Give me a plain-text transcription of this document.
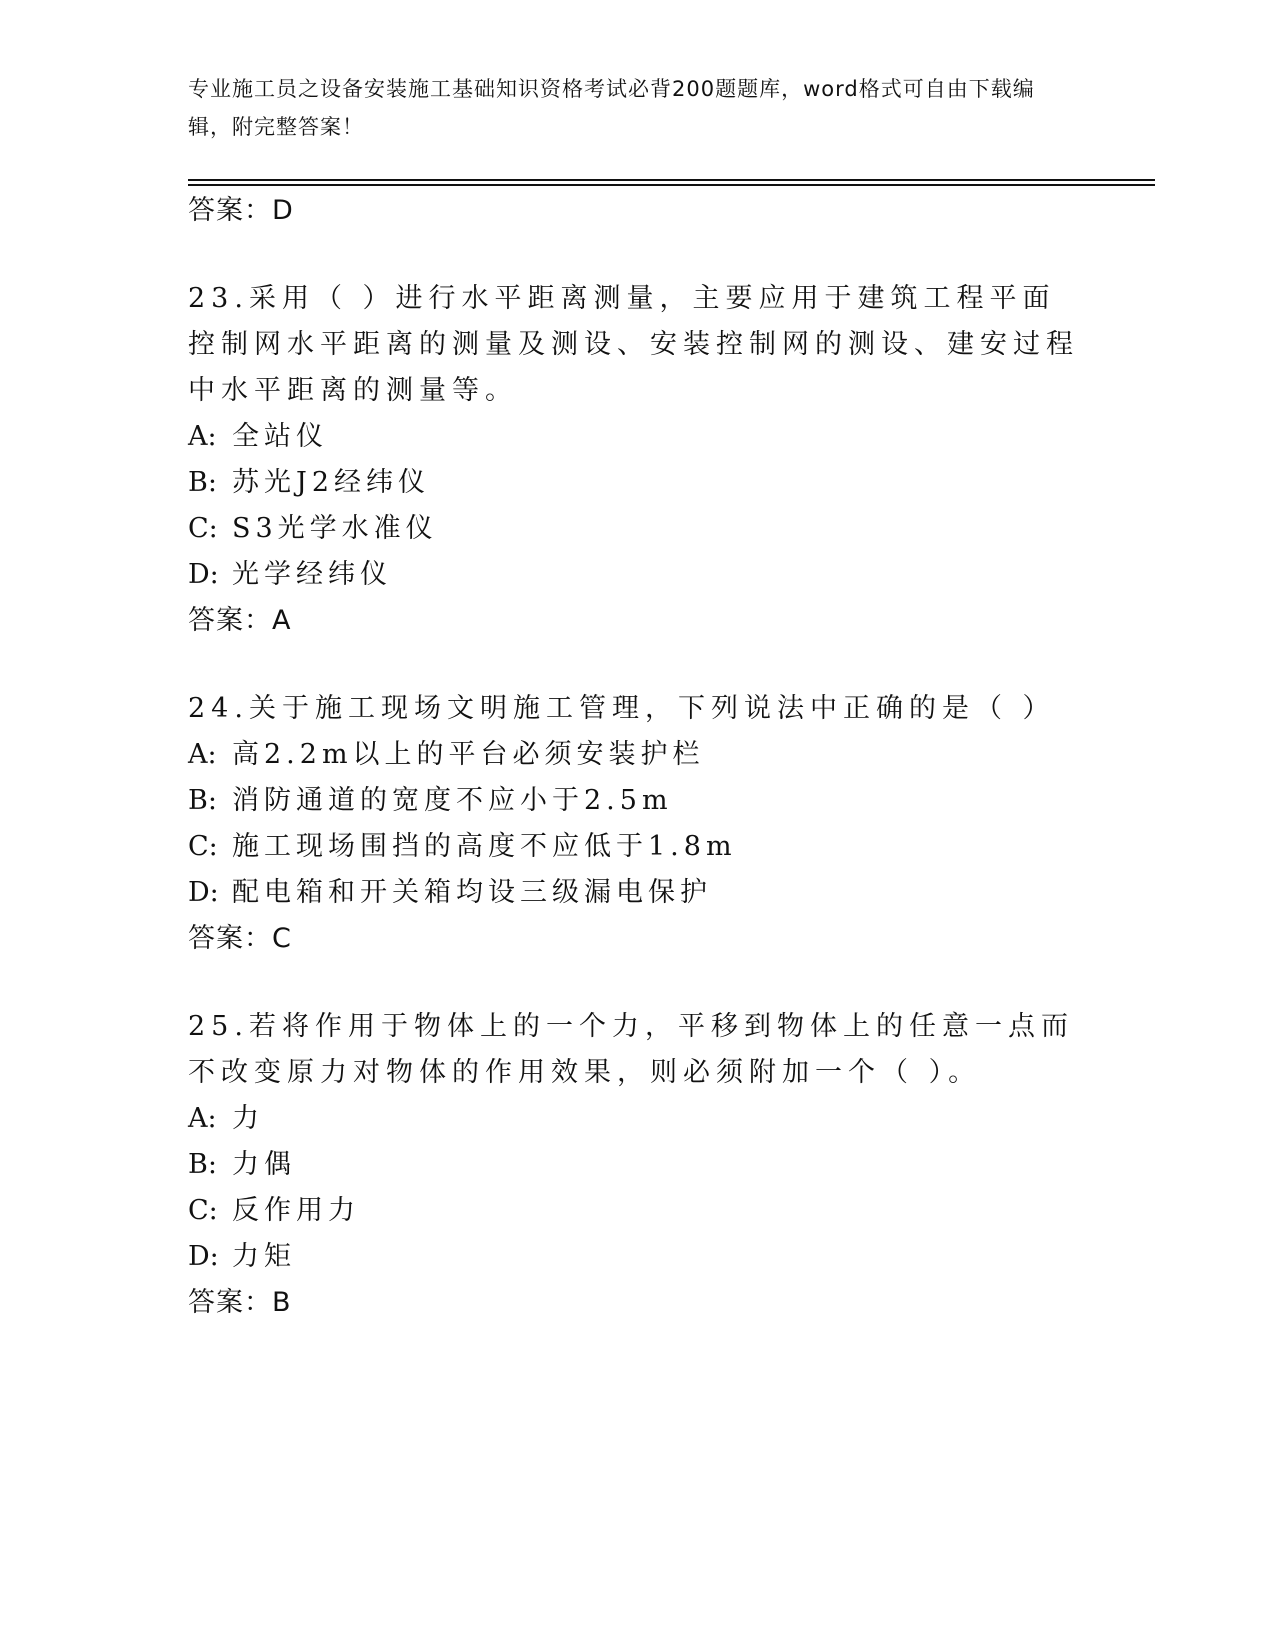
专业施工员之设备安装施工基础知识资格考试必背200题题库，word格式可自由下载编辑，附完整答案！
答案：D
23.采用（ ）进行水平距离测量，主要应用于建筑工程平面控制网水平距离的测量及测设、安装控制网的测设、建安过程中水平距离的测量等。
A: 全站仪
B: 苏光J2经纬仪
C: S3光学水准仪
D: 光学经纬仪
答案：A
24.关于施工现场文明施工管理，下列说法中正确的是（ ）
A: 高2.2m以上的平台必须安装护栏
B: 消防通道的宽度不应小于2.5m
C: 施工现场围挡的高度不应低于1.8m
D: 配电箱和开关箱均设三级漏电保护
答案：C
25.若将作用于物体上的一个力，平移到物体上的任意一点而不改变原力对物体的作用效果，则必须附加一个（ ）。
A: 力
B: 力偶
C: 反作用力
D: 力矩
答案：B
